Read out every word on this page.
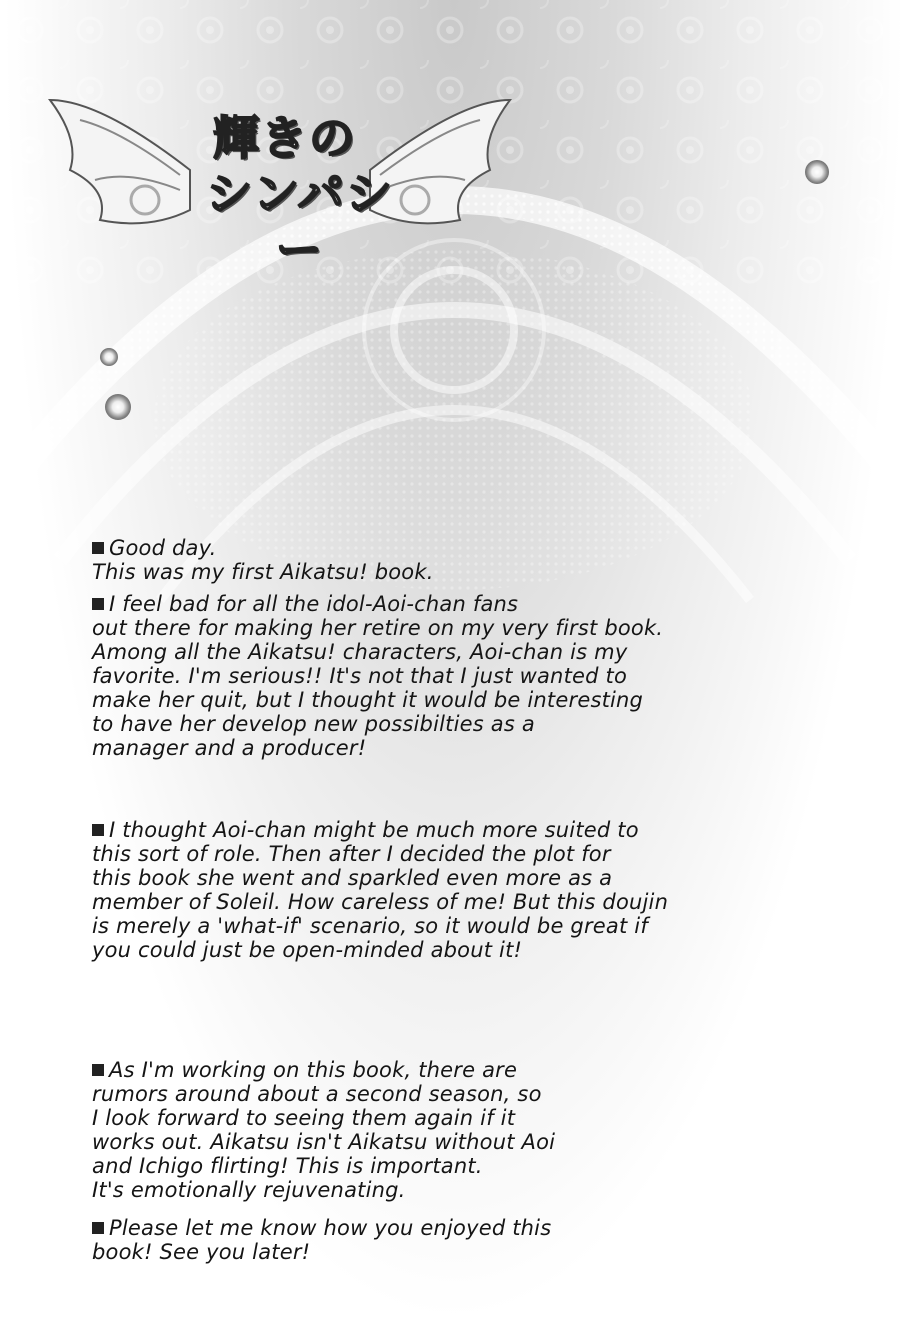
輝きの
シンパシー

Good day.
This was my first Aikatsu! book.

I feel bad for all the idol-Aoi-chan fans
out there for making her retire on my very first book.
Among all the Aikatsu! characters, Aoi-chan is my
favorite. I'm serious!! It's not that I just wanted to
make her quit, but I thought it would be interesting
to have her develop new possibilties as a
manager and a producer!

I thought Aoi-chan might be much more suited to
this sort of role. Then after I decided the plot for
this book she went and sparkled even more as a
member of Soleil. How careless of me! But this doujin
is merely a 'what-if' scenario, so it would be great if
you could just be open-minded about it!

As I'm working on this book, there are
rumors around about a second season, so
I look forward to seeing them again if it
works out. Aikatsu isn't Aikatsu without Aoi
and Ichigo flirting! This is important.
It's emotionally rejuvenating.

Please let me know how you enjoyed this
book! See you later!
